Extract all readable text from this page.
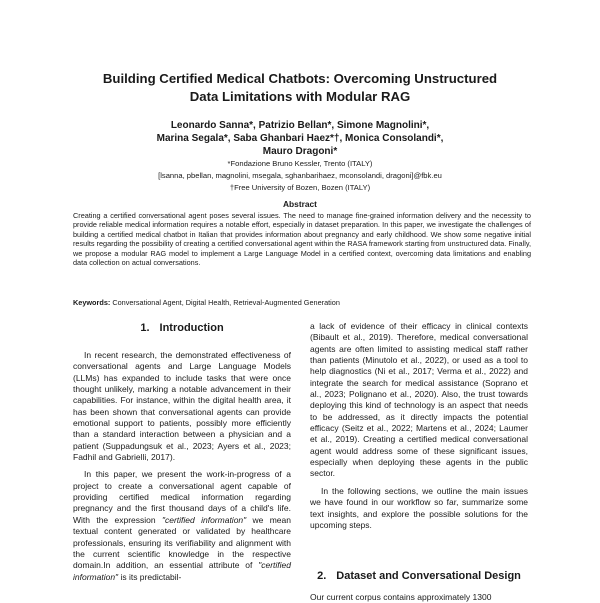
Building Certified Medical Chatbots: Overcoming Unstructured
Data Limitations with Modular RAG
Leonardo Sanna*, Patrizio Bellan*, Simone Magnolini*,
Marina Segala*, Saba Ghanbari Haez*†, Monica Consolandi*,
Mauro Dragoni*
*Fondazione Bruno Kessler, Trento (ITALY)
[lsanna, pbellan, magnolini, msegala, sghanbarihaez, mconsolandi, dragoni]@fbk.eu
†Free University of Bozen, Bozen (ITALY)
Abstract
Creating a certified conversational agent poses several issues. The need to manage fine-grained information delivery and the necessity to provide reliable medical information requires a notable effort, especially in dataset preparation. In this paper, we investigate the challenges of building a certified medical chatbot in Italian that provides information about pregnancy and early childhood. We show some negative initial results regarding the possibility of creating a certified conversational agent within the RASA framework starting from unstructured data. Finally, we propose a modular RAG model to implement a Large Language Model in a certified context, overcoming data limitations and enabling data collection on actual conversations.
Keywords: Conversational Agent, Digital Health, Retrieval-Augmented Generation
1. Introduction

In recent research, the demonstrated effectiveness of conversational agents and Large Language Models (LLMs) has expanded to include tasks that were once thought unlikely, marking a notable advancement in their capabilities. For instance, within the digital health area, it has been shown that conversational agents can provide emotional support to patients, possibly more efficiently than a standard interaction between a physician and a patient (Suppadungsuk et al., 2023; Ayers et al., 2023; Fadhil and Gabrielli, 2017).

In this paper, we present the work-in-progress of a project to create a conversational agent capable of providing certified medical information regarding pregnancy and the first thousand days of a child's life. With the expression "certified information" we mean textual content generated or validated by healthcare professionals, ensuring its verifiability and alignment with the current scientific knowledge in the respective domain.In addition, an essential attribute of "certified information" is its predictabil-

a lack of evidence of their efficacy in clinical contexts (Bibault et al., 2019). Therefore, medical conversational agents are often limited to assisting medical staff rather than patients (Minutolo et al., 2022), or used as a tool to help diagnostics (Ni et al., 2017; Verma et al., 2022) and integrate the search for medical assistance (Soprano et al., 2023; Polignano et al., 2020). Also, the trust towards deploying this kind of technology is an aspect that needs to be addressed, as it directly impacts the potential efficacy (Seitz et al., 2022; Martens et al., 2024; Laumer et al., 2019). Creating a certified medical conversational agent would address some of these significant issues, especially when deploying these agents in the public sector.

In the following sections, we outline the main issues we have found in our workflow so far, summarize some text insights, and explore the possible solutions for the upcoming steps.

2. Dataset and Conversational Design
Our current corpus contains approximately 1300
